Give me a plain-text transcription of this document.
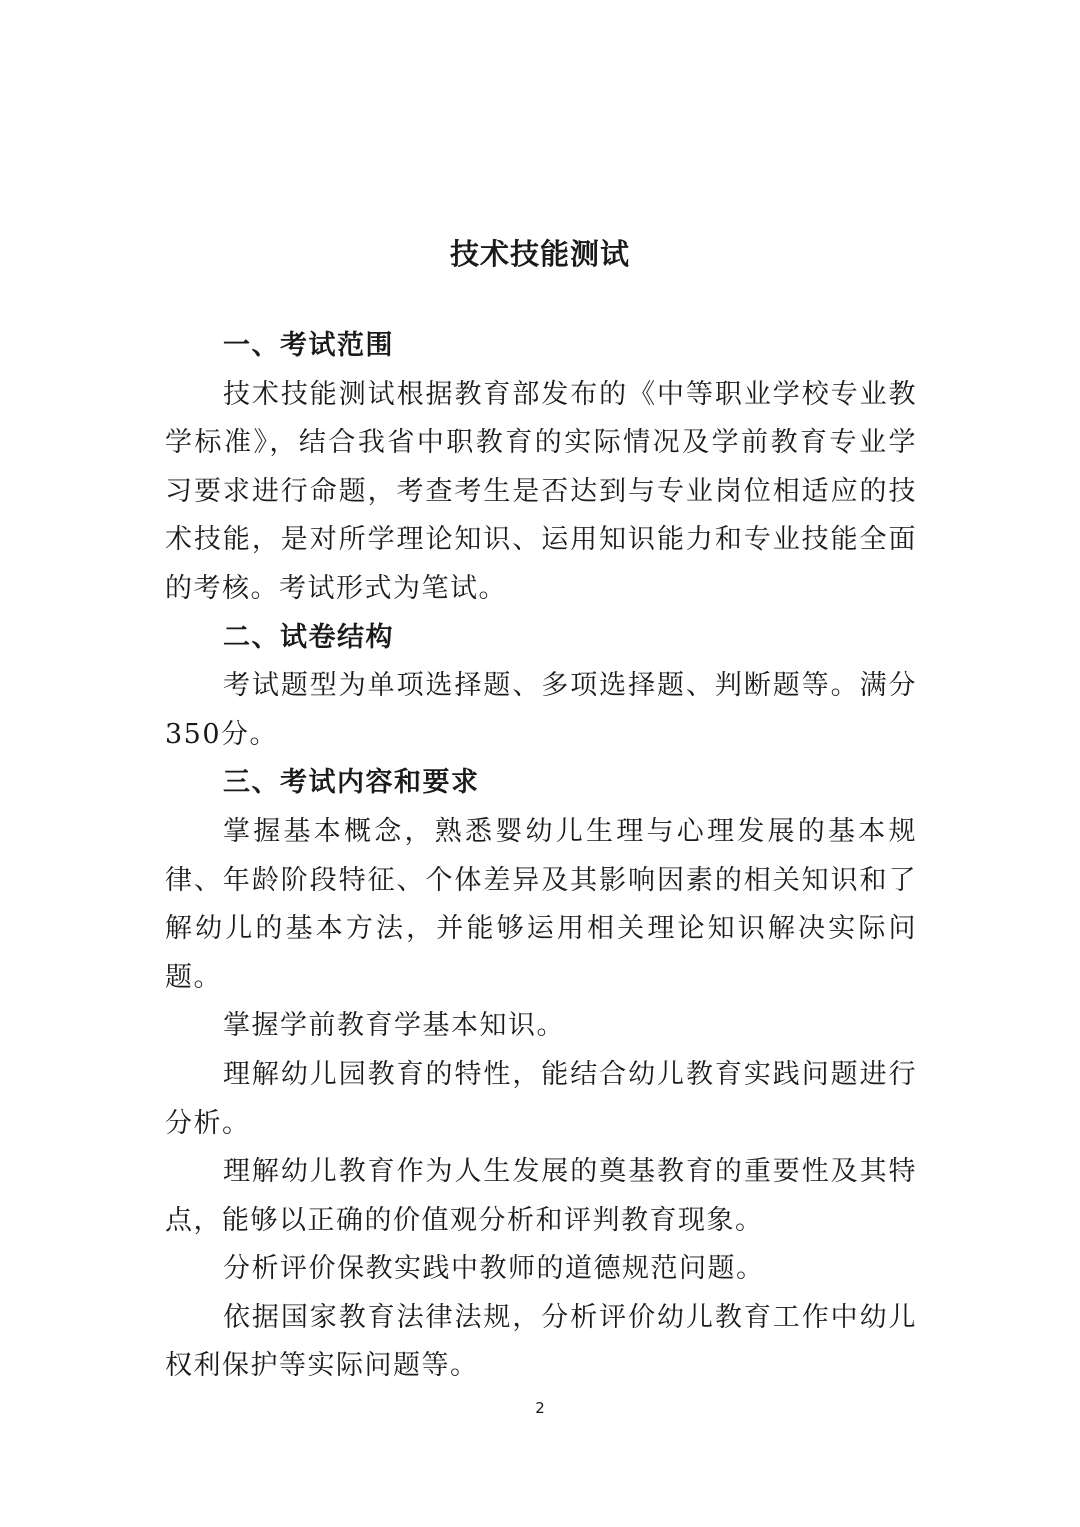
技术技能测试
一、考试范围

技术技能测试根据教育部发布的《中等职业学校专业教学标准》，结合我省中职教育的实际情况及学前教育专业学习要求进行命题，考查考生是否达到与专业岗位相适应的技术技能，是对所学理论知识、运用知识能力和专业技能全面的考核。考试形式为笔试。

二、试卷结构

考试题型为单项选择题、多项选择题、判断题等。满分350分。

三、考试内容和要求

掌握基本概念，熟悉婴幼儿生理与心理发展的基本规律、年龄阶段特征、个体差异及其影响因素的相关知识和了解幼儿的基本方法，并能够运用相关理论知识解决实际问题。

掌握学前教育学基本知识。

理解幼儿园教育的特性，能结合幼儿教育实践问题进行分析。

理解幼儿教育作为人生发展的奠基教育的重要性及其特点，能够以正确的价值观分析和评判教育现象。

分析评价保教实践中教师的道德规范问题。

依据国家教育法律法规，分析评价幼儿教育工作中幼儿权利保护等实际问题等。

2
